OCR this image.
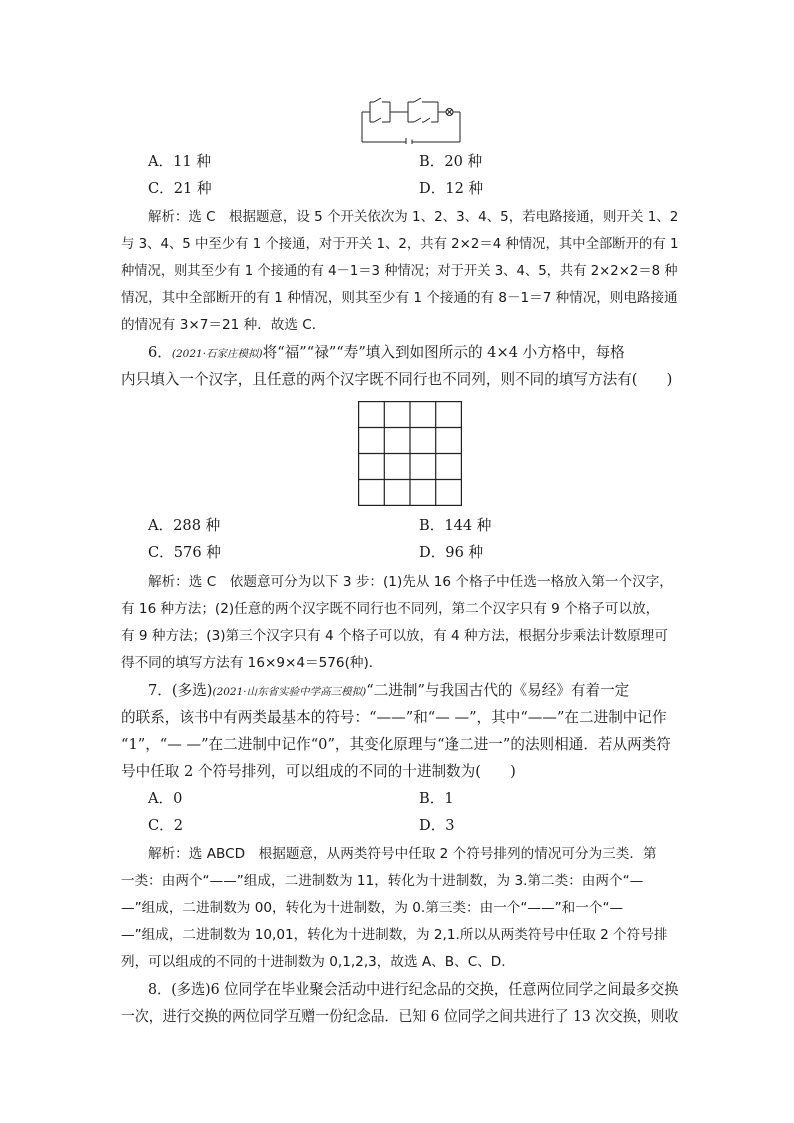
A．11 种	B．20 种
C．21 种	D．12 种
解析：选 C　根据题意，设 5 个开关依次为 1、2、3、4、5，若电路接通，则开关 1、2
与 3、4、5 中至少有 1 个接通，对于开关 1、2，共有 2×2＝4 种情况，其中全部断开的有 1
种情况，则其至少有 1 个接通的有 4－1＝3 种情况；对于开关 3、4、5，共有 2×2×2＝8 种
情况，其中全部断开的有 1 种情况，则其至少有 1 个接通的有 8－1＝7 种情况，则电路接通
的情况有 3×7＝21 种．故选 C．
6．(2021·石家庄模拟)将“福”“禄”“寿”填入到如图所示的 4×4 小方格中，每格
内只填入一个汉字，且任意的两个汉字既不同行也不同列，则不同的填写方法有(　　)
A．288 种	B．144 种
C．576 种	D．96 种
解析：选 C　依题意可分为以下 3 步：(1)先从 16 个格子中任选一格放入第一个汉字，
有 16 种方法；(2)任意的两个汉字既不同行也不同列，第二个汉字只有 9 个格子可以放，
有 9 种方法；(3)第三个汉字只有 4 个格子可以放，有 4 种方法，根据分步乘法计数原理可
得不同的填写方法有 16×9×4＝576(种)．
7．(多选)(2021·山东省实验中学高三模拟)“二进制”与我国古代的《易经》有着一定
的联系，该书中有两类最基本的符号：“——”和“— —”，其中“——”在二进制中记作
“1”，“— —”在二进制中记作“0”，其变化原理与“逢二进一”的法则相通．若从两类符
号中任取 2 个符号排列，可以组成的不同的十进制数为(　　)
A．0	B．1
C．2	D．3
解析：选 ABCD　根据题意，从两类符号中任取 2 个符号排列的情况可分为三类．第
一类：由两个“——”组成，二进制数为 11，转化为十进制数，为 3.第二类：由两个“—
—”组成，二进制数为 00，转化为十进制数，为 0.第三类：由一个“——”和一个“—
—”组成，二进制数为 10,01，转化为十进制数，为 2,1.所以从两类符号中任取 2 个符号排
列，可以组成的不同的十进制数为 0,1,2,3，故选 A、B、C、D.
8．(多选)6 位同学在毕业聚会活动中进行纪念品的交换，任意两位同学之间最多交换
一次，进行交换的两位同学互赠一份纪念品．已知 6 位同学之间共进行了 13 次交换，则收
